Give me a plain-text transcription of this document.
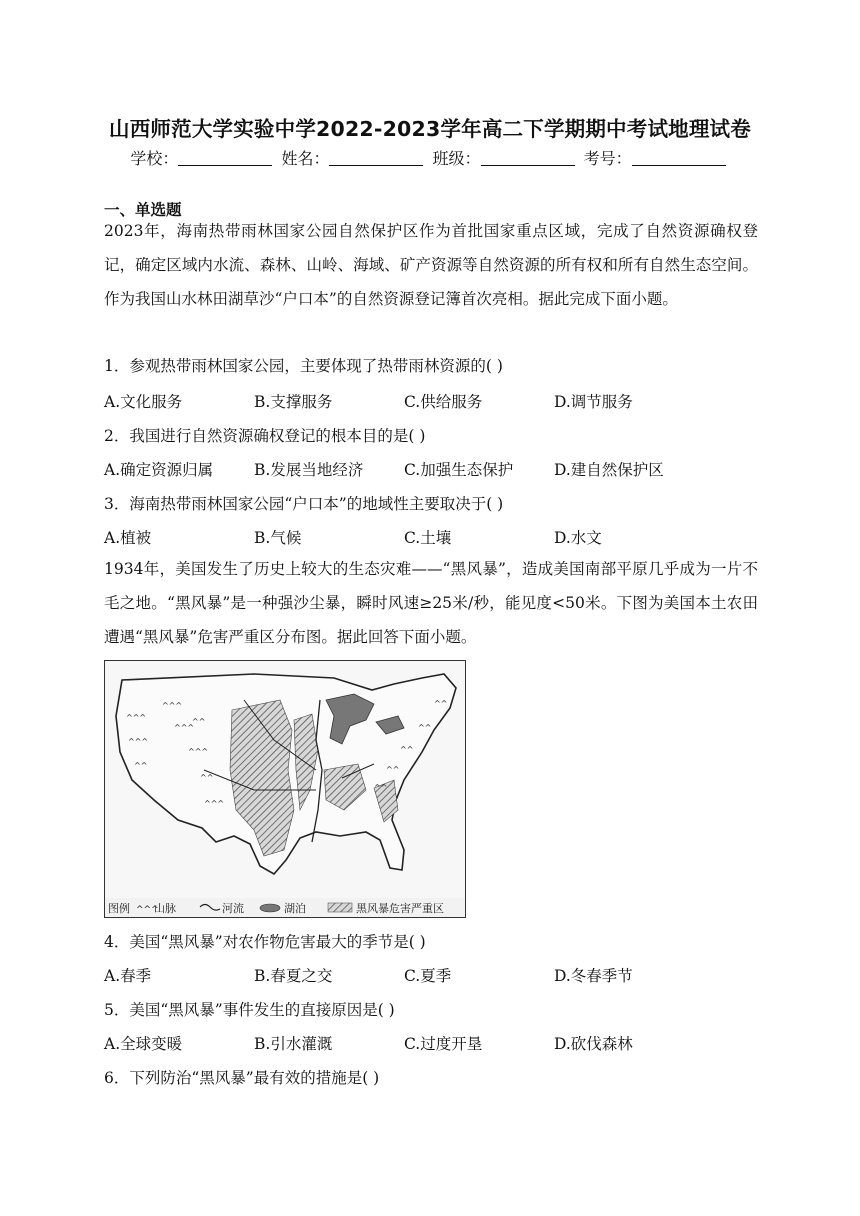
山西师范大学实验中学2022-2023学年高二下学期期中考试地理试卷
学校：	姓名：	班级：	考号：
一、单选题
2023年，海南热带雨林国家公园自然保护区作为首批国家重点区域，完成了自然资源确权登记，确定区域内水流、森林、山岭、海域、矿产资源等自然资源的所有权和所有自然生态空间。作为我国山水林田湖草沙“户口本”的自然资源登记簿首次亮相。据此完成下面小题。
1．参观热带雨林国家公园，主要体现了热带雨林资源的( )
A.文化服务	B.支撑服务	C.供给服务	D.调节服务
2．我国进行自然资源确权登记的根本目的是( )
A.确定资源归属	B.发展当地经济	C.加强生态保护	D.建自然保护区
3．海南热带雨林国家公园“户口本”的地域性主要取决于( )
A.植被	B.气候	C.土壤	D.水文
1934年，美国发生了历史上较大的生态灾难——“黑风暴”，造成美国南部平原几乎成为一片不毛之地。“黑风暴”是一种强沙尘暴，瞬时风速≥25米/秒，能见度<50米。下图为美国本土农田遭遇“黑风暴”危害严重区分布图。据此回答下面小题。
^^^
^^^
^^
^^^
^^^
^^^
^^
^^^
^^
^^
^^
^^
^^
^^
图例 ^^^
山脉	河流	湖泊	黑风暴危害严重区
4．美国“黑风暴”对农作物危害最大的季节是( )
A.春季	B.春夏之交	C.夏季	D.冬春季节
5．美国“黑风暴”事件发生的直接原因是( )
A.全球变暖	B.引水灌溉	C.过度开垦	D.砍伐森林
6．下列防治“黑风暴”最有效的措施是( )
